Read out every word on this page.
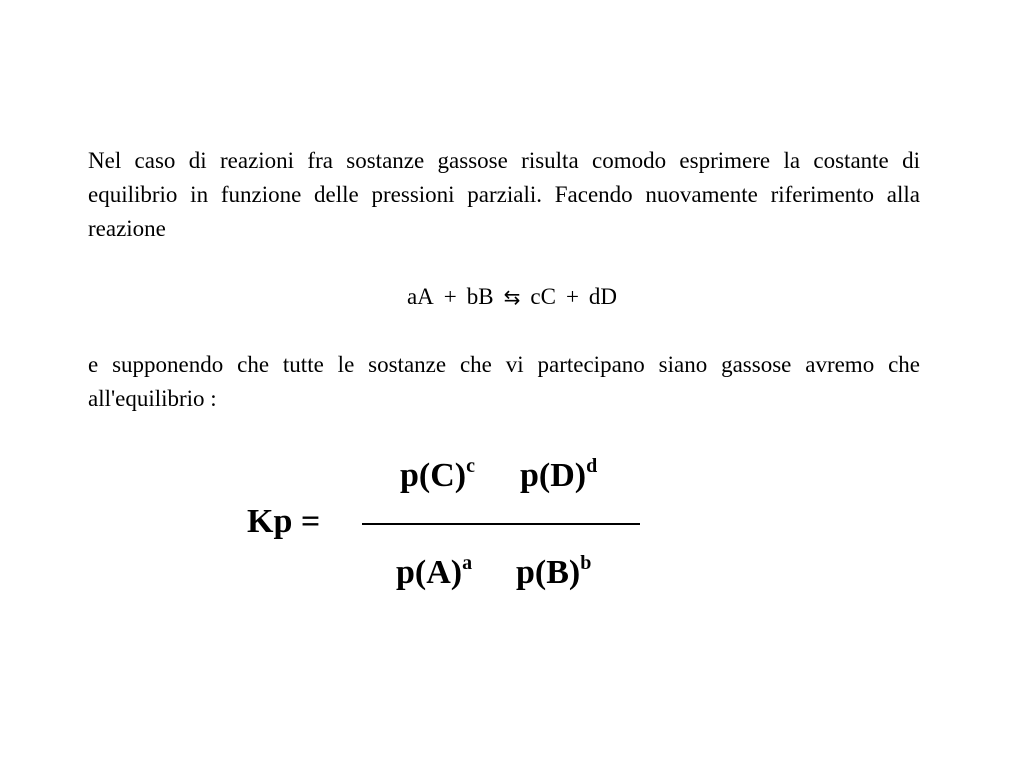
Nel caso di reazioni fra sostanze gassose risulta comodo esprimere la costante di equilibrio in funzione delle pressioni parziali. Facendo nuovamente riferimento alla reazione

aA + bB ⇆ cC + dD

e supponendo che tutte le sostanze che vi partecipano siano gassose avremo che all'equilibrio :

Kp =
$p(C)^c$ $p(D)^d$
$p(A)^a$ $p(B)^b$
